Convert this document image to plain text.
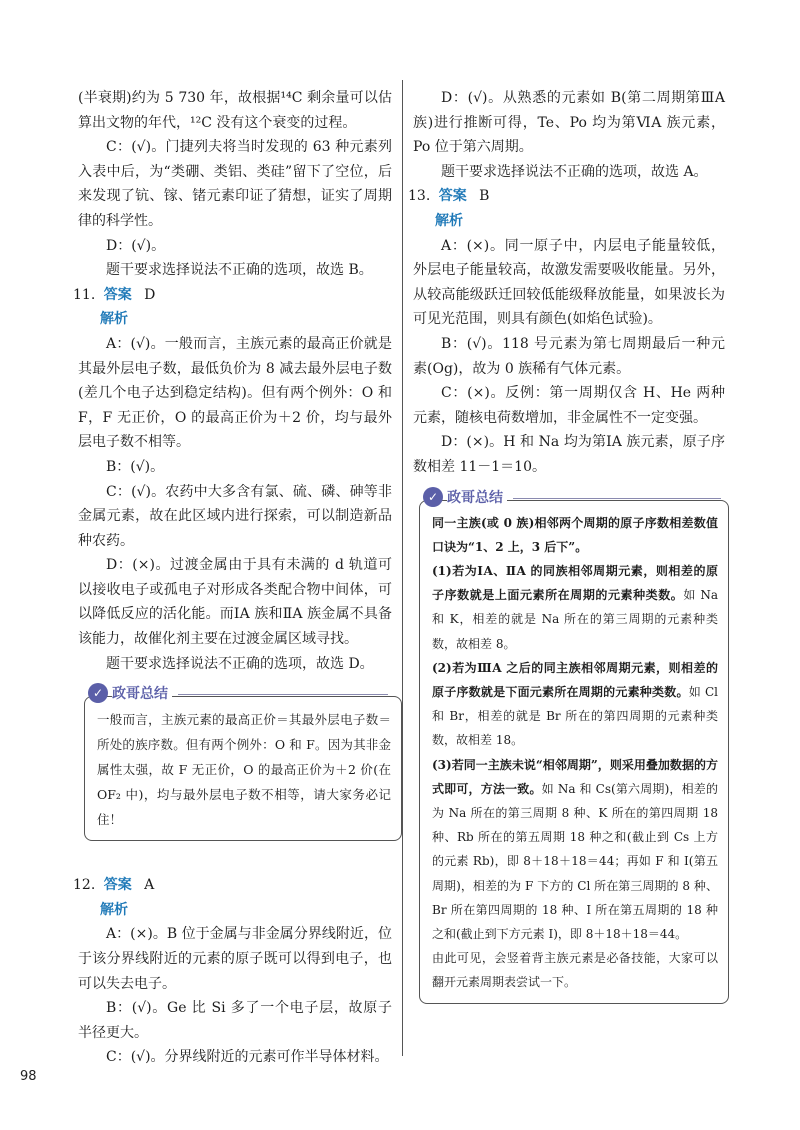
(半衰期)约为 5 730 年，故根据¹⁴C 剩余量可以估算出文物的年代，¹²C 没有这个衰变的过程。

C：(√)。门捷列夫将当时发现的 63 种元素列入表中后，为“类硼、类铝、类硅”留下了空位，后来发现了钪、镓、锗元素印证了猜想，证实了周期律的科学性。

D：(√)。

题干要求选择说法不正确的选项，故选 B。

11. 答案 D

解析

A：(√)。一般而言，主族元素的最高正价就是其最外层电子数，最低负价为 8 减去最外层电子数(差几个电子达到稳定结构)。但有两个例外：O 和 F，F 无正价，O 的最高正价为＋2 价，均与最外层电子数不相等。

B：(√)。

C：(√)。农药中大多含有氯、硫、磷、砷等非金属元素，故在此区域内进行探索，可以制造新品种农药。

D：(×)。过渡金属由于具有未满的 d 轨道可以接收电子或孤电子对形成各类配合物中间体，可以降低反应的活化能。而ⅠA 族和ⅡA 族金属不具备该能力，故催化剂主要在过渡金属区域寻找。

题干要求选择说法不正确的选项，故选 D。

✓ 政哥总结

一般而言，主族元素的最高正价＝其最外层电子数＝所处的族序数。但有两个例外：O 和 F。因为其非金属性太强，故 F 无正价，O 的最高正价为＋2 价(在 OF₂ 中)，均与最外层电子数不相等，请大家务必记住！

12. 答案 A

解析

A：(×)。B 位于金属与非金属分界线附近，位于该分界线附近的元素的原子既可以得到电子，也可以失去电子。

B：(√)。Ge 比 Si 多了一个电子层，故原子半径更大。

C：(√)。分界线附近的元素可作半导体材料。

D：(√)。从熟悉的元素如 B(第二周期第ⅢA 族)进行推断可得，Te、Po 均为第ⅥA 族元素，Po 位于第六周期。

题干要求选择说法不正确的选项，故选 A。

13. 答案 B

解析

A：(×)。同一原子中，内层电子能量较低，外层电子能量较高，故激发需要吸收能量。另外，从较高能级跃迁回较低能级释放能量，如果波长为可见光范围，则具有颜色(如焰色试验)。

B：(√)。118 号元素为第七周期最后一种元素(Og)，故为 0 族稀有气体元素。

C：(×)。反例：第一周期仅含 H、He 两种元素，随核电荷数增加，非金属性不一定变强。

D：(×)。H 和 Na 均为第ⅠA 族元素，原子序数相差 11－1＝10。

✓ 政哥总结

同一主族(或 0 族)相邻两个周期的原子序数相差数值口诀为“1、2 上，3 后下”。

(1)若为ⅠA、ⅡA 的同族相邻周期元素，则相差的原子序数就是上面元素所在周期的元素种类数。如 Na 和 K，相差的就是 Na 所在的第三周期的元素种类数，故相差 8。

(2)若为ⅢA 之后的同主族相邻周期元素，则相差的原子序数就是下面元素所在周期的元素种类数。如 Cl 和 Br，相差的就是 Br 所在的第四周期的元素种类数，故相差 18。

(3)若同一主族未说“相邻周期”，则采用叠加数据的方式即可，方法一致。如 Na 和 Cs(第六周期)，相差的为 Na 所在的第三周期 8 种、K 所在的第四周期 18 种、Rb 所在的第五周期 18 种之和(截止到 Cs 上方的元素 Rb)，即 8＋18＋18＝44；再如 F 和 I(第五周期)，相差的为 F 下方的 Cl 所在第三周期的 8 种、Br 所在第四周期的 18 种、I 所在第五周期的 18 种之和(截止到下方元素 I)，即 8＋18＋18＝44。

由此可见，会竖着背主族元素是必备技能，大家可以翻开元素周期表尝试一下。

98
